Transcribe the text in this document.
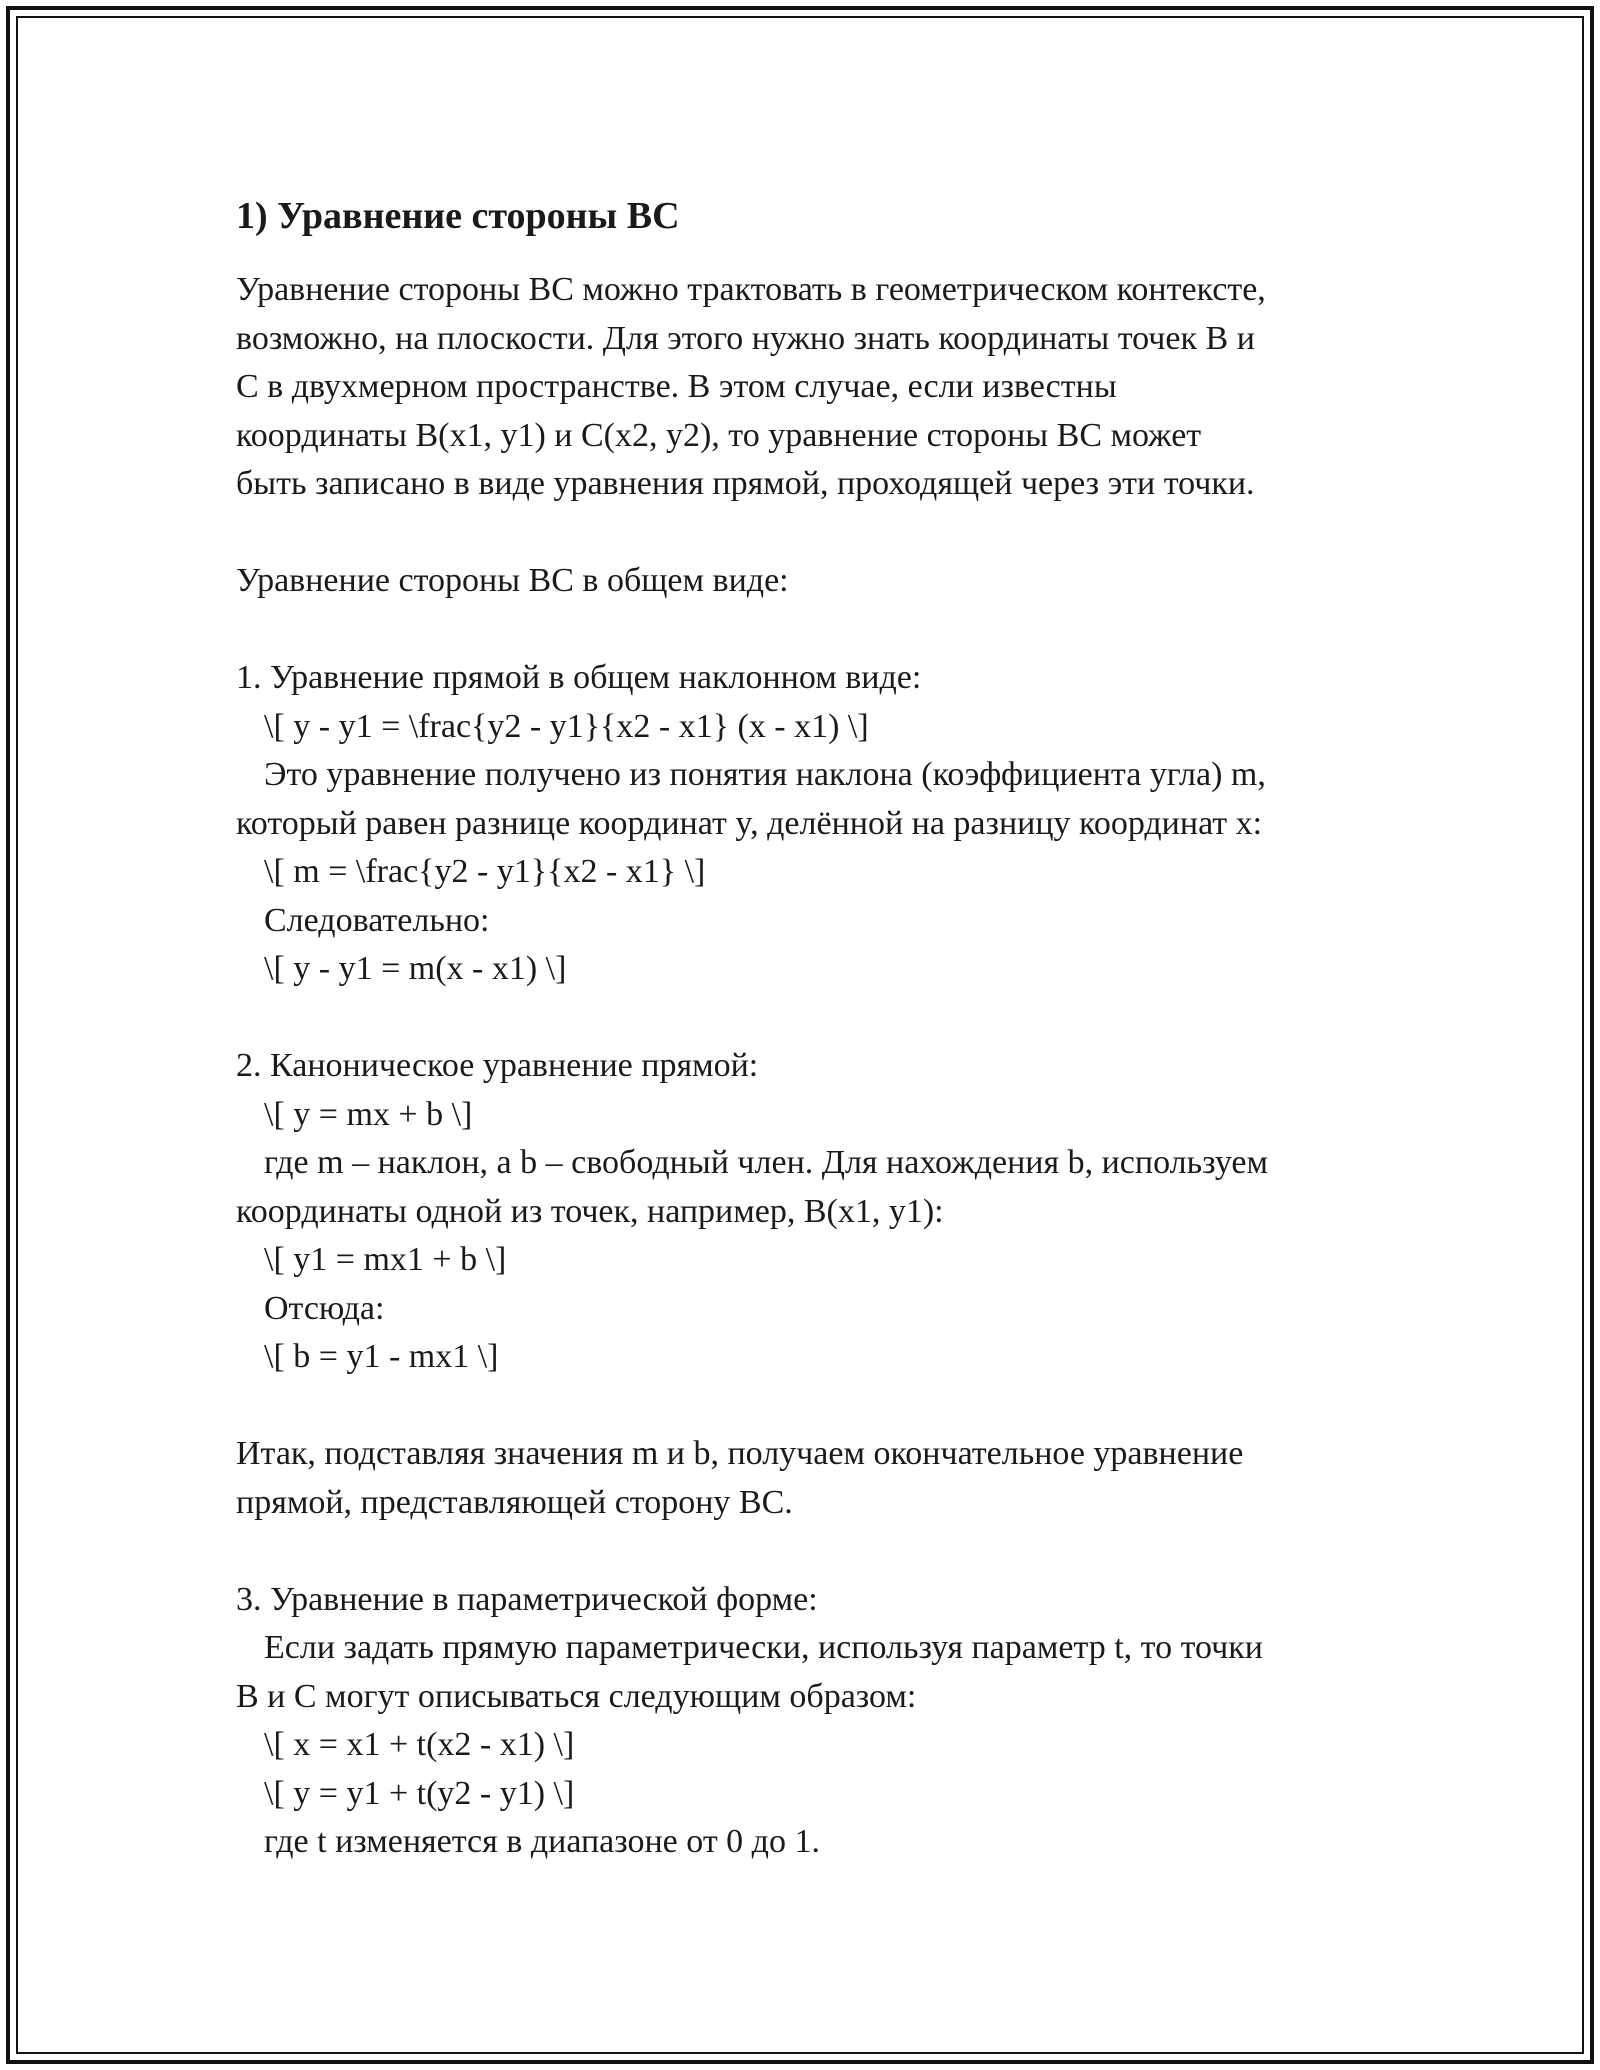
1) Уравнение стороны BC
Уравнение стороны BC можно трактовать в геометрическом контексте,
возможно, на плоскости. Для этого нужно знать координаты точек B и
C в двухмерном пространстве. В этом случае, если известны
координаты B(x1, y1) и C(x2, y2), то уравнение стороны BC может
быть записано в виде уравнения прямой, проходящей через эти точки.
Уравнение стороны BC в общем виде:
1. Уравнение прямой в общем наклонном виде:
\[ y - y1 = \frac{y2 - y1}{x2 - x1} (x - x1) \]
Это уравнение получено из понятия наклона (коэффициента угла) m,
который равен разнице координат y, делённой на разницу координат x:
\[ m = \frac{y2 - y1}{x2 - x1} \]
Следовательно:
\[ y - y1 = m(x - x1) \]
2. Каноническое уравнение прямой:
\[ y = mx + b \]
где m – наклон, а b – свободный член. Для нахождения b, используем
координаты одной из точек, например, B(x1, y1):
\[ y1 = mx1 + b \]
Отсюда:
\[ b = y1 - mx1 \]
Итак, подставляя значения m и b, получаем окончательное уравнение
прямой, представляющей сторону BC.
3. Уравнение в параметрической форме:
Если задать прямую параметрически, используя параметр t, то точки
B и C могут описываться следующим образом:
\[ x = x1 + t(x2 - x1) \]
\[ y = y1 + t(y2 - y1) \]
где t изменяется в диапазоне от 0 до 1.
